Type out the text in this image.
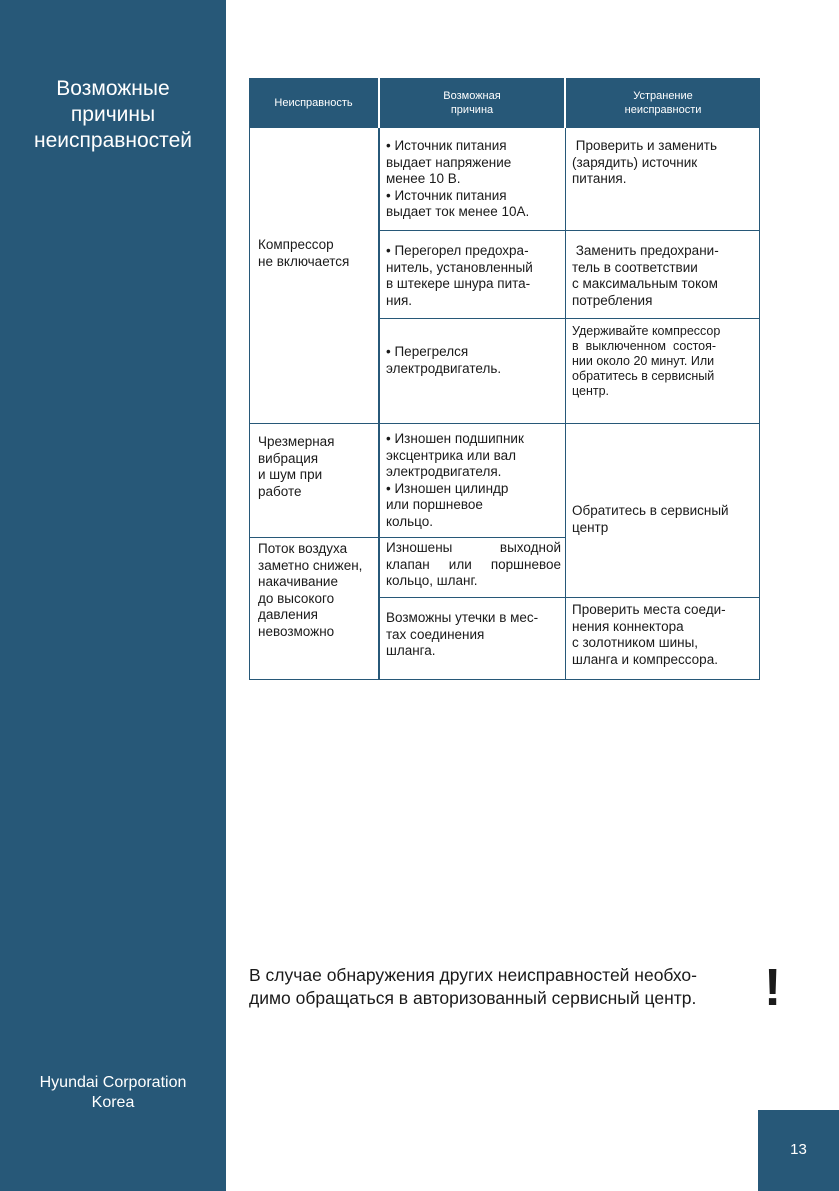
Возможные
причины
неисправностей
Hyundai Corporation
Korea
13
Неисправность
Возможная
причина
Устранение
неисправности
Компрессор
не включается
Чрезмерная
вибрация
и шум при
работе
Поток воздуха
заметно снижен,
накачивание
до высокого
давления
невозможно
• Источник питания
выдает напряжение
менее 10 В.
• Источник питания
выдает ток менее 10А.
• Перегорел предохра-
нитель, установленный
в штекере шнура пита-
ния.
• Перегрелся
электродвигатель.
• Изношен подшипник
эксцентрика или вал
электродвигателя.
• Изношен цилиндр
или поршневое
кольцо.
Изношены выходной
клапан или поршневое
кольцо, шланг.
Возможны утечки в мес-
тах соединения
шланга.
Проверить и заменить
(зарядить) источник
питания.
Заменить предохрани-
тель в соответствии
с максимальным током
потребления
Удерживайте компрессор
в  выключенном  состоя-
нии около 20 минут. Или
обратитесь в сервисный
центр.
Обратитесь в сервисный
центр
Проверить места соеди-
нения коннектора
с золотником шины,
шланга и компрессора.
В случае обнаружения других неисправностей необхо-
димо обращаться в авторизованный сервисный центр.	!
